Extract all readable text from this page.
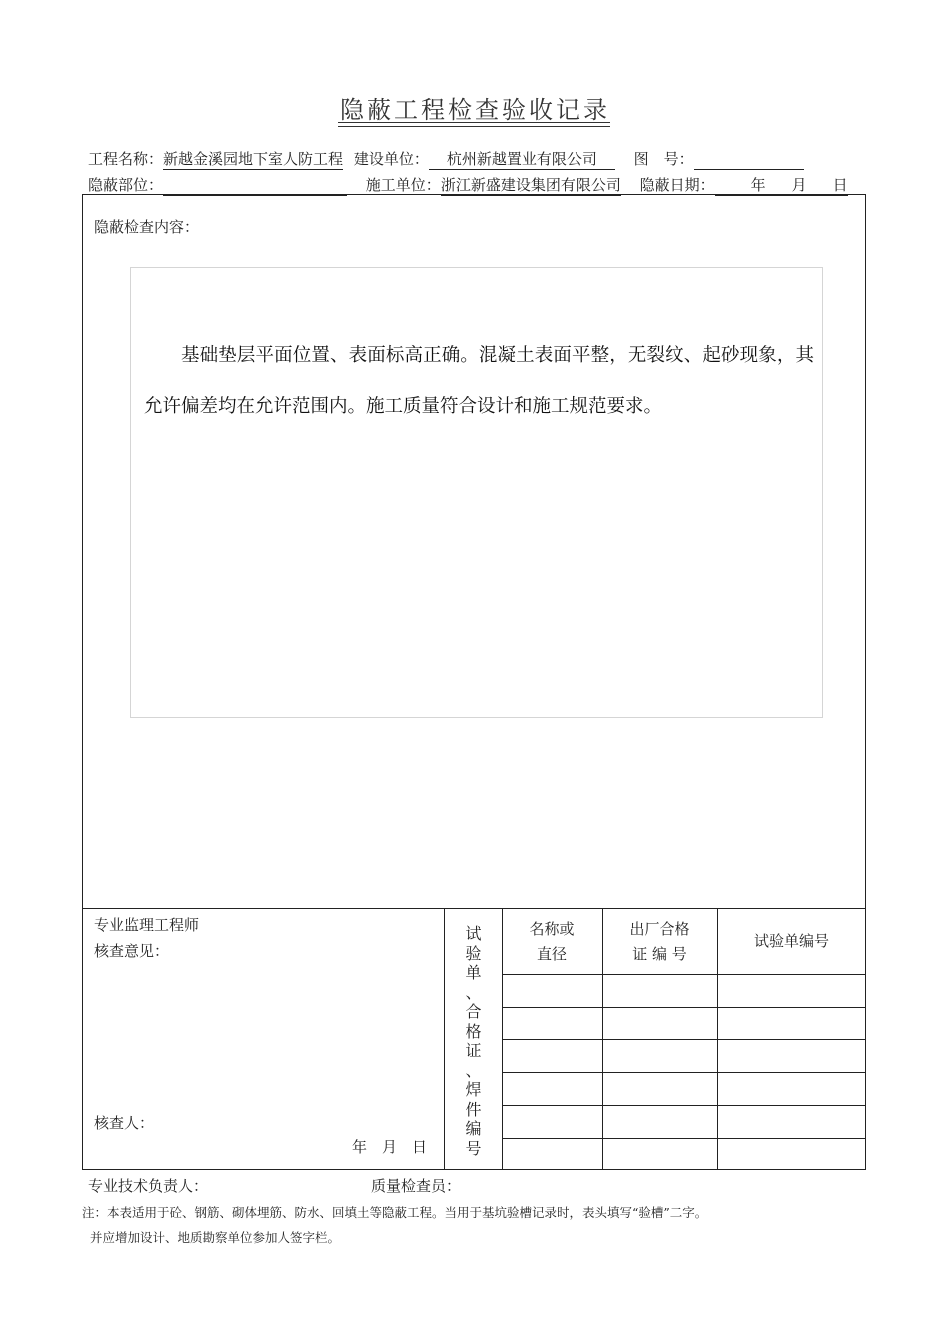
隐蔽工程检查验收记录
工程名称：新越金溪园地下室人防工程 建设单位： 杭州新越置业有限公司 图　号：
隐蔽部位：	施工单位：浙江新盛建设集团有限公司 隐蔽日期： 年 月 日
隐蔽检查内容：
基础垫层平面位置、表面标高正确。混凝土表面平整，无裂纹、起砂现象，其允许偏差均在允许范围内。施工质量符合设计和施工规范要求。
专业监理工程师
核查意见：
核查人：
年　月　日
试
验
单
、
合
格
证
、
焊
件
编
号
名称或
直径
出厂合格
证 编 号
试验单编号
专业技术负责人：	质量检查员：
注：本表适用于砼、钢筋、砌体埋筋、防水、回填土等隐蔽工程。当用于基坑验槽记录时，表头填写“验槽”二字。
并应增加设计、地质勘察单位参加人签字栏。
